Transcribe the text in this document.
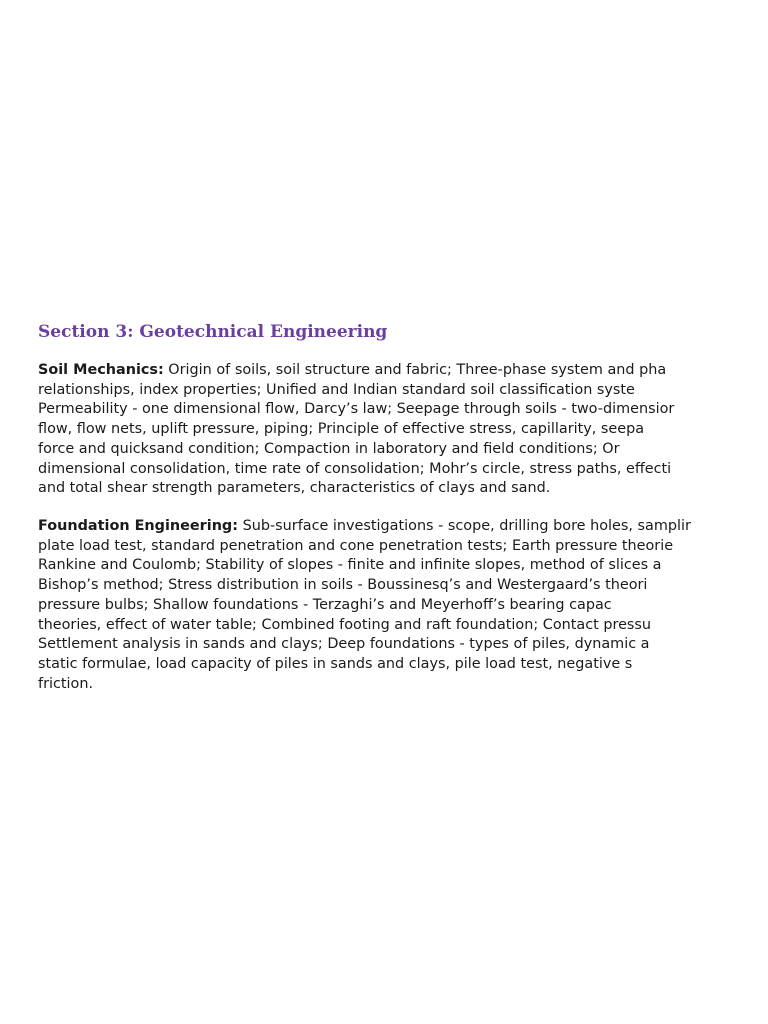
Section 3: Geotechnical Engineering

Soil Mechanics: Origin of soils, soil structure and fabric; Three-phase system and pha
relationships, index properties; Unified and Indian standard soil classification syste
Permeability - one dimensional flow, Darcy’s law; Seepage through soils - two-dimensior
flow, flow nets, uplift pressure, piping; Principle of effective stress, capillarity, seepa
force and quicksand condition; Compaction in laboratory and field conditions; Or
dimensional consolidation, time rate of consolidation; Mohr’s circle, stress paths, effecti
and total shear strength parameters, characteristics of clays and sand.

Foundation Engineering: Sub-surface investigations - scope, drilling bore holes, samplir
plate load test, standard penetration and cone penetration tests; Earth pressure theorie
Rankine and Coulomb; Stability of slopes - finite and infinite slopes, method of slices a
Bishop’s method; Stress distribution in soils - Boussinesq’s and Westergaard’s theori
pressure bulbs; Shallow foundations - Terzaghi’s and Meyerhoff’s bearing capac
theories, effect of water table; Combined footing and raft foundation; Contact pressu
Settlement analysis in sands and clays; Deep foundations - types of piles, dynamic a
static formulae, load capacity of piles in sands and clays, pile load test, negative s
friction.
